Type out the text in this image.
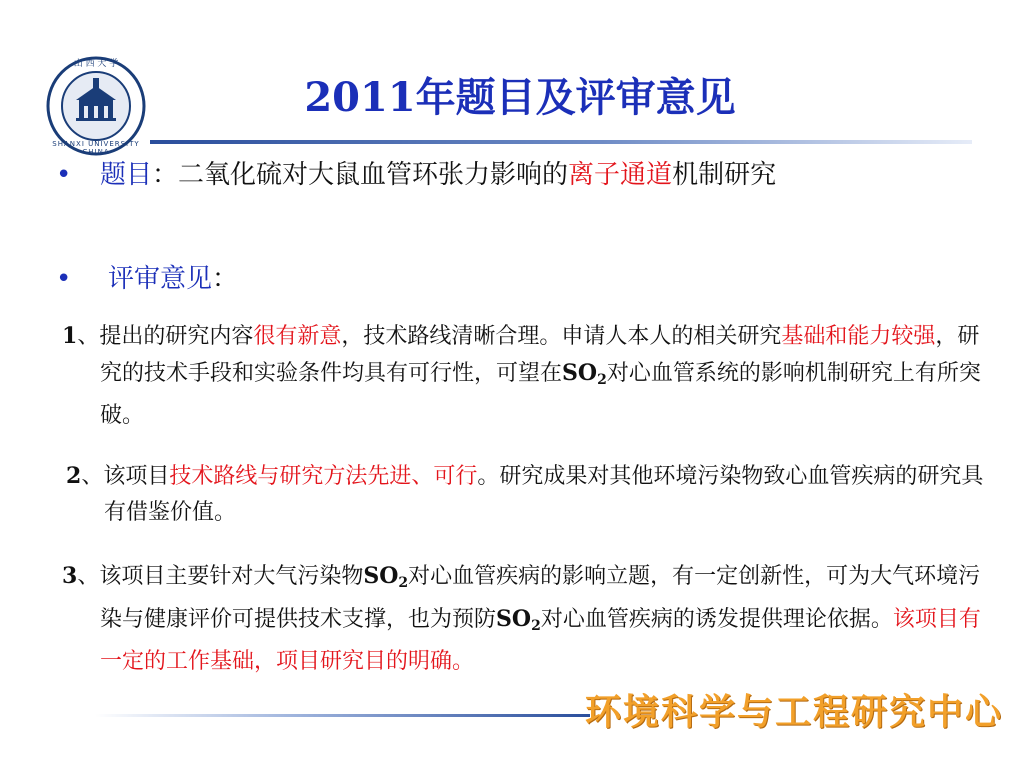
山 西 大 学
SHANXI UNIVERSITY CHINA
2011年题目及评审意见
• 题目：二氧化硫对大鼠血管环张力影响的离子通道机制研究
• 评审意见：
1、提出的研究内容很有新意，技术路线清晰合理。申请人本人的相关研究基础和能力较强，研究的技术手段和实验条件均具有可行性，可望在$SO_2$对心血管系统的影响机制研究上有所突破。
2、该项目技术路线与研究方法先进、可行。研究成果对其他环境污染物致心血管疾病的研究具有借鉴价值。
3、该项目主要针对大气污染物$SO_2$对心血管疾病的影响立题，有一定创新性，可为大气环境污染与健康评价可提供技术支撑，也为预防$SO_2$对心血管疾病的诱发提供理论依据。该项目有一定的工作基础，项目研究目的明确。
环境科学与工程研究中心
